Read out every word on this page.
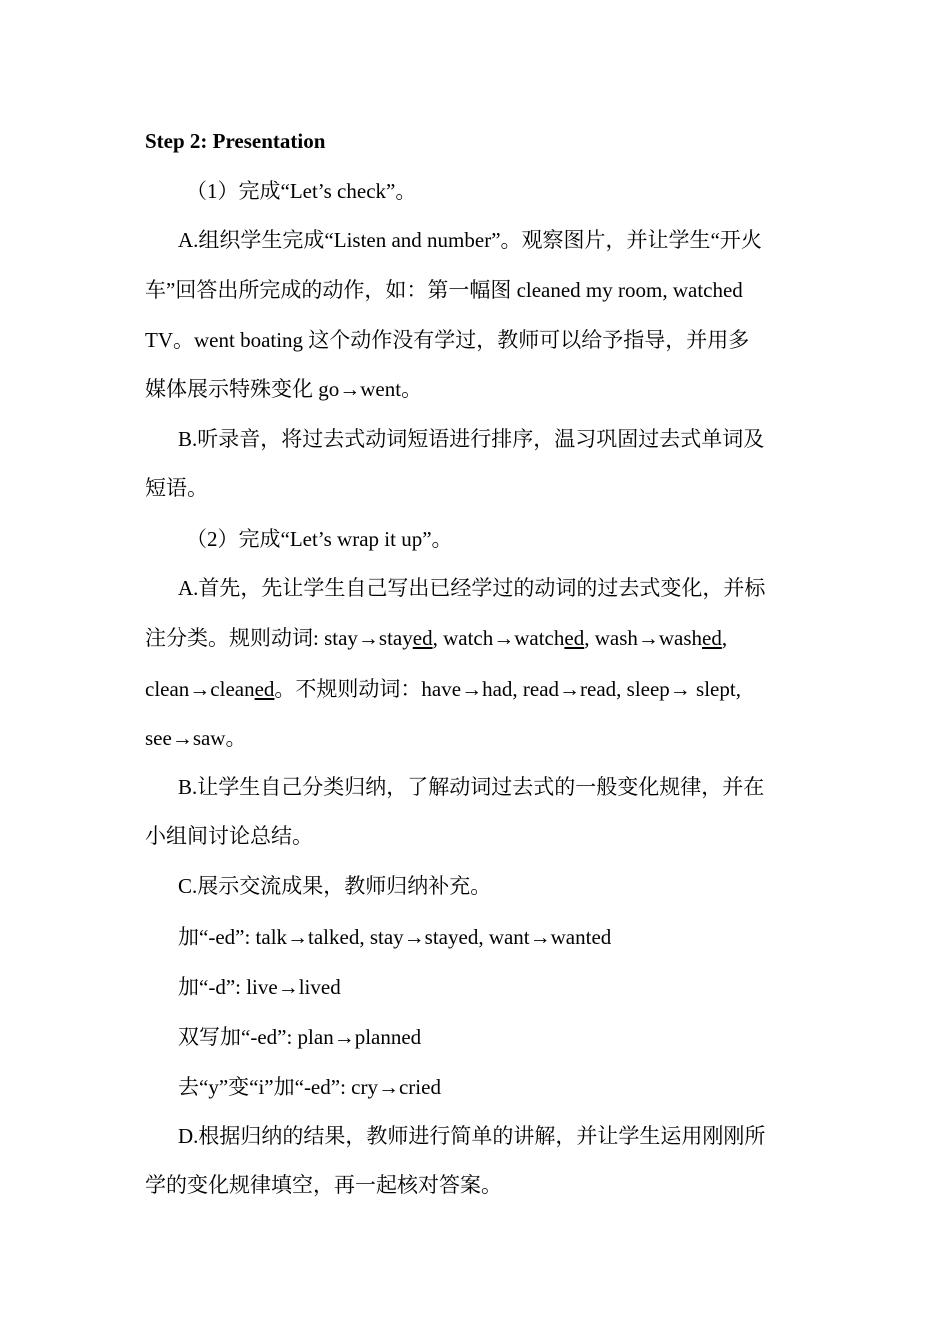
Step 2: Presentation
（1）完成“Let’s check”。
A.组织学生完成“Listen and number”。观察图片，并让学生“开火
车”回答出所完成的动作，如：第一幅图 cleaned my room, watched
TV。went boating 这个动作没有学过，教师可以给予指导，并用多
媒体展示特殊变化 go→went。
B.听录音，将过去式动词短语进行排序，温习巩固过去式单词及
短语。
（2）完成“Let’s wrap it up”。
A.首先，先让学生自己写出已经学过的动词的过去式变化，并标
注分类。规则动词: stay→stayed, watch→watched, wash→washed,
clean→cleaned。不规则动词：have→had, read→read, sleep→ slept,
see→saw。
B.让学生自己分类归纳，了解动词过去式的一般变化规律，并在
小组间讨论总结。
C.展示交流成果，教师归纳补充。
加“-ed”: talk→talked, stay→stayed, want→wanted
加“-d”: live→lived
双写加“-ed”: plan→planned
去“y”变“i”加“-ed”: cry→cried
D.根据归纳的结果，教师进行简单的讲解，并让学生运用刚刚所
学的变化规律填空，再一起核对答案。
